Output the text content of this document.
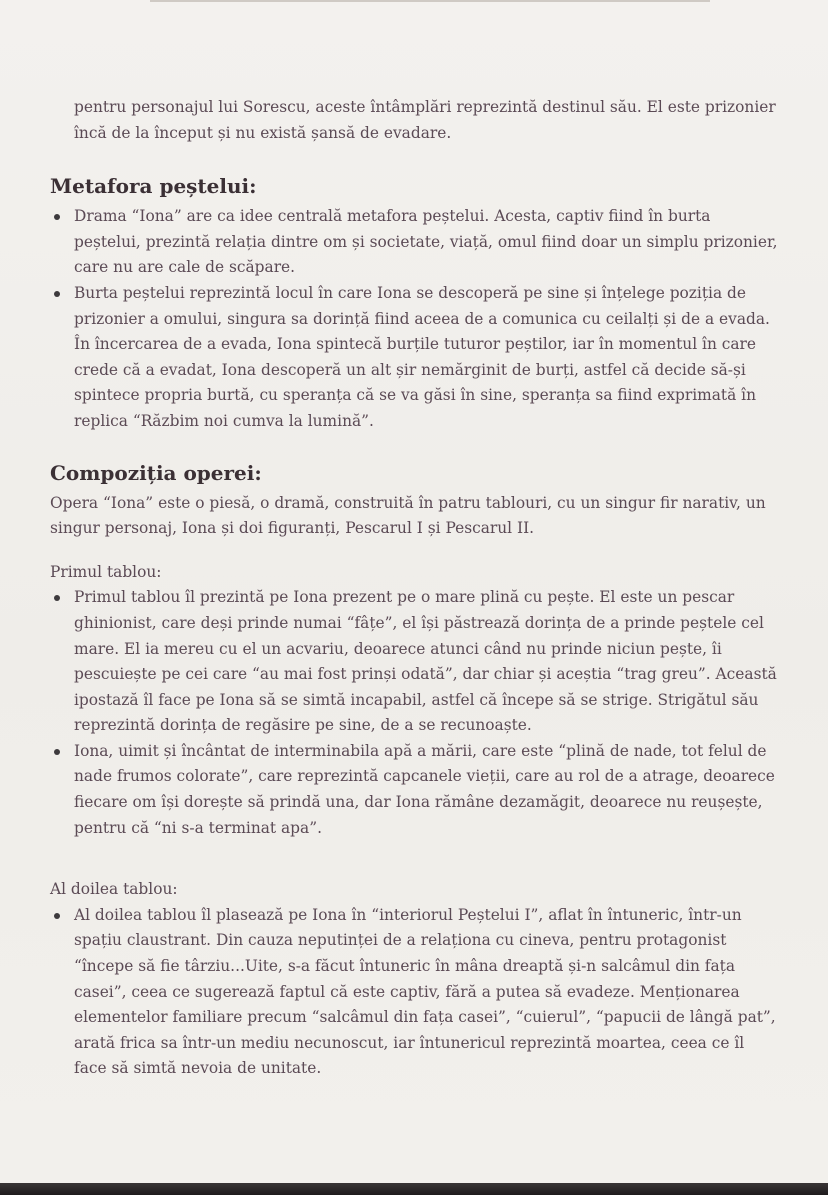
pentru personajul lui Sorescu, aceste întâmplări reprezintă destinul său. El este prizonier încă de la început și nu există șansă de evadare.

Metafora peștelui:
Drama “Iona” are ca idee centrală metafora peștelui. Acesta, captiv fiind în burta peștelui, prezintă relația dintre om și societate, viață, omul fiind doar un simplu prizonier, care nu are cale de scăpare.
Burta peștelui reprezintă locul în care Iona se descoperă pe sine și înțelege poziția de prizonier a omului, singura sa dorință fiind aceea de a comunica cu ceilalți și de a evada. În încercarea de a evada, Iona spintecă burțile tuturor peștilor, iar în momentul în care crede că a evadat, Iona descoperă un alt șir nemărginit de burți, astfel că decide să-și spintece propria burtă, cu speranța că se va găsi în sine, speranța sa fiind exprimată în replica “Răzbim noi cumva la lumină”.
Compoziția operei:

Opera “Iona” este o piesă, o dramă, construită în patru tablouri, cu un singur fir narativ, un singur personaj, Iona și doi figuranți, Pescarul I și Pescarul II.

Primul tablou:

Primul tablou îl prezintă pe Iona prezent pe o mare plină cu pește. El este un pescar ghinionist, care deși prinde numai “fâțe”, el își păstrează dorința de a prinde peștele cel mare. El ia mereu cu el un acvariu, deoarece atunci când nu prinde niciun pește, îi pescuiește pe cei care “au mai fost prinși odată”, dar chiar și aceștia “trag greu”. Această ipostază îl face pe Iona să se simtă incapabil, astfel că începe să se strige. Strigătul său reprezintă dorința de regăsire pe sine, de a se recunoaște.
Iona, uimit și încântat de interminabila apă a mării, care este “plină de nade, tot felul de nade frumos colorate”, care reprezintă capcanele vieții, care au rol de a atrage, deoarece fiecare om își dorește să prindă una, dar Iona rămâne dezamăgit, deoarece nu reușește, pentru că “ni s-a terminat apa”.

Al doilea tablou:

Al doilea tablou îl plasează pe Iona în “interiorul Peștelui I”, aflat în întuneric, într-un spațiu claustrant. Din cauza neputinței de a relaționa cu cineva, pentru protagonist “începe să fie târziu...Uite, s-a făcut întuneric în mâna dreaptă și-n salcâmul din fața casei”, ceea ce sugerează faptul că este captiv, fără a putea să evadeze. Menționarea elementelor familiare precum “salcâmul din fața casei”, “cuierul”, “papucii de lângă pat”, arată frica sa într-un mediu necunoscut, iar întunericul reprezintă moartea, ceea ce îl face să simtă nevoia de unitate.
